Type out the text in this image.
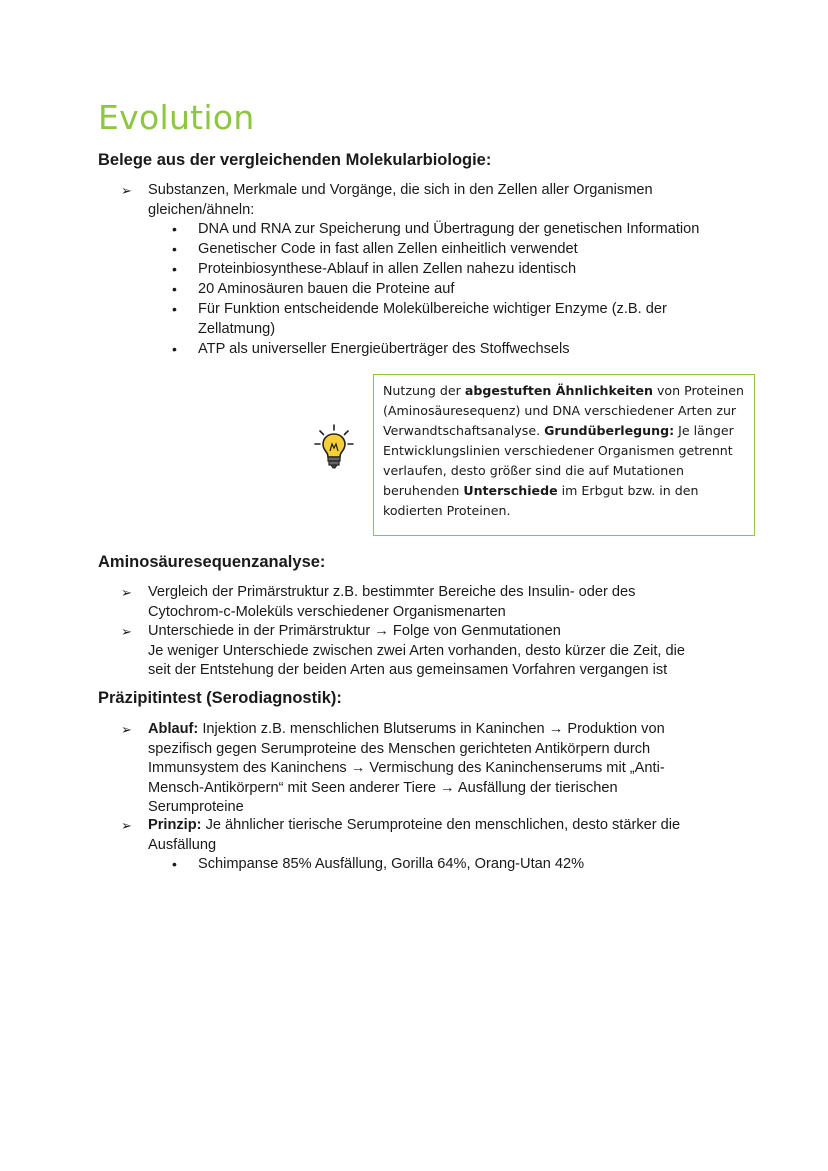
Evolution
Belege aus der vergleichenden Molekularbiologie:
➢	Substanzen, Merkmale und Vorgänge, die sich in den Zellen aller Organismen
gleichen/ähneln:
• DNA und RNA zur Speicherung und Übertragung der genetischen Information
• Genetischer Code in fast allen Zellen einheitlich verwendet
• Proteinbiosynthese-Ablauf in allen Zellen nahezu identisch
• 20 Aminosäuren bauen die Proteine auf
• Für Funktion entscheidende Molekülbereiche wichtiger Enzyme (z.B. der
Zellatmung)
• ATP als universeller Energieüberträger des Stoffwechsels
Nutzung der abgestuften Ähnlichkeiten von Proteinen
(Aminosäuresequenz) und DNA verschiedener Arten zur
Verwandtschaftsanalyse. Grundüberlegung: Je länger
Entwicklungslinien verschiedener Organismen getrennt
verlaufen, desto größer sind die auf Mutationen
beruhenden Unterschiede im Erbgut bzw. in den
kodierten Proteinen.
Aminosäuresequenzanalyse:
➢	Vergleich der Primärstruktur z.B. bestimmter Bereiche des Insulin- oder des
Cytochrom-c-Moleküls verschiedener Organismenarten
➢	Unterschiede in der Primärstruktur → Folge von Genmutationen
Je weniger Unterschiede zwischen zwei Arten vorhanden, desto kürzer die Zeit, die
seit der Entstehung der beiden Arten aus gemeinsamen Vorfahren vergangen ist
Präzipitintest (Serodiagnostik):
➢	Ablauf: Injektion z.B. menschlichen Blutserums in Kaninchen → Produktion von
spezifisch gegen Serumproteine des Menschen gerichteten Antikörpern durch
Immunsystem des Kaninchens → Vermischung des Kaninchenserums mit „Anti-
Mensch-Antikörpern“ mit Seen anderer Tiere → Ausfällung der tierischen
Serumproteine
➢	Prinzip: Je ähnlicher tierische Serumproteine den menschlichen, desto stärker die
Ausfällung
• Schimpanse 85% Ausfällung, Gorilla 64%, Orang-Utan 42%
